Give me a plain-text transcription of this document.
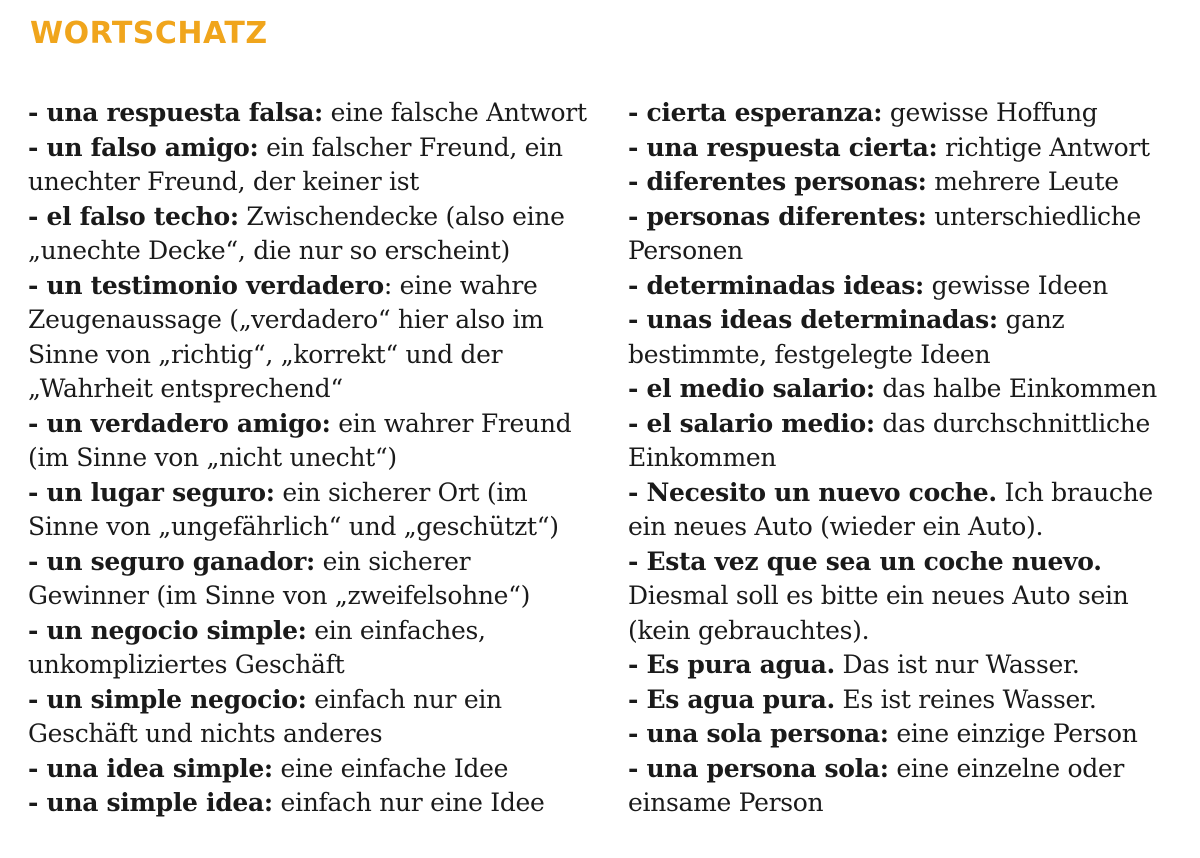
WORTSCHATZ

- una respuesta falsa: eine falsche Antwort

- un falso amigo: ein falscher Freund, ein unechter Freund, der keiner ist

- el falso techo: Zwischendecke (also eine „unechte Decke“, die nur so erscheint)

- un testimonio verdadero: eine wahre Zeugenaussage („verdadero“ hier also im Sinne von „richtig“, „korrekt“ und der „Wahrheit entsprechend“

- un verdadero amigo: ein wahrer Freund (im Sinne von „nicht unecht“)

- un lugar seguro: ein sicherer Ort (im Sinne von „ungefährlich“ und „geschützt“)

- un seguro ganador: ein sicherer Gewinner (im Sinne von „zweifelsohne“)

- un negocio simple: ein einfaches, unkompliziertes Geschäft

- un simple negocio: einfach nur ein Geschäft und nichts anderes

- una idea simple: eine einfache Idee

- una simple idea: einfach nur eine Idee

- cierta esperanza: gewisse Hoffung

- una respuesta cierta: richtige Antwort

- diferentes personas: mehrere Leute

- personas diferentes: unterschiedliche Personen

- determinadas ideas: gewisse Ideen

- unas ideas determinadas: ganz bestimmte, festgelegte Ideen

- el medio salario: das halbe Einkommen

- el salario medio: das durchschnittliche Einkommen

- Necesito un nuevo coche. Ich brauche ein neues Auto (wieder ein Auto).

- Esta vez que sea un coche nuevo. Diesmal soll es bitte ein neues Auto sein (kein gebrauchtes).

- Es pura agua. Das ist nur Wasser.

- Es agua pura. Es ist reines Wasser.

- una sola persona: eine einzige Person

- una persona sola: eine einzelne oder einsame Person
